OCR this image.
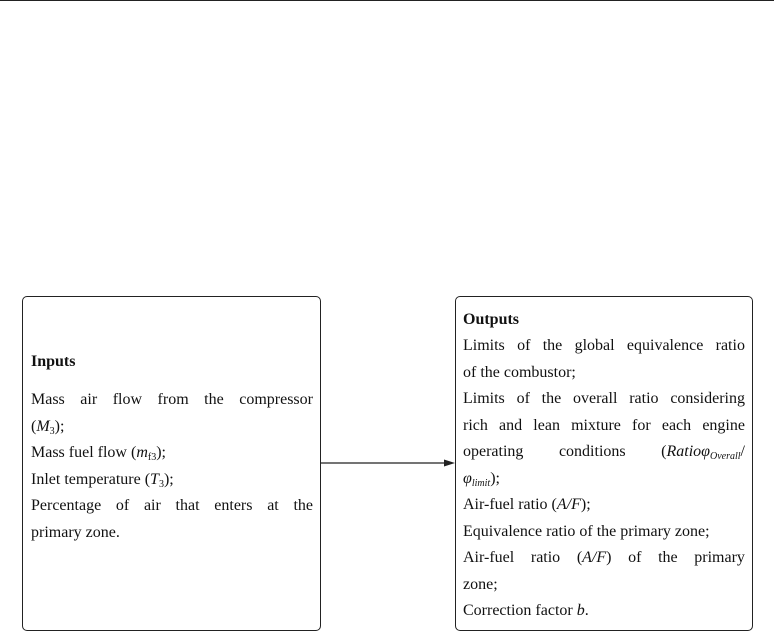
Inputs
Mass air flow from the compressor
$(M_3)$;
Mass fuel flow $(m_{f3})$;
Inlet temperature $(T_3)$;
Percentage of air that enters at the
primary zone.
Outputs
Limits of the global equivalence ratio
of the combustor;
Limits of the overall ratio considering
rich and lean mixture for each engine
operating conditions (Ratioφ$_{Overall}$/
$\varphi_{limit}$);
Air-fuel ratio (A/F);
Equivalence ratio of the primary zone;
Air-fuel ratio (A/F) of the primary
zone;
Correction factor b.
